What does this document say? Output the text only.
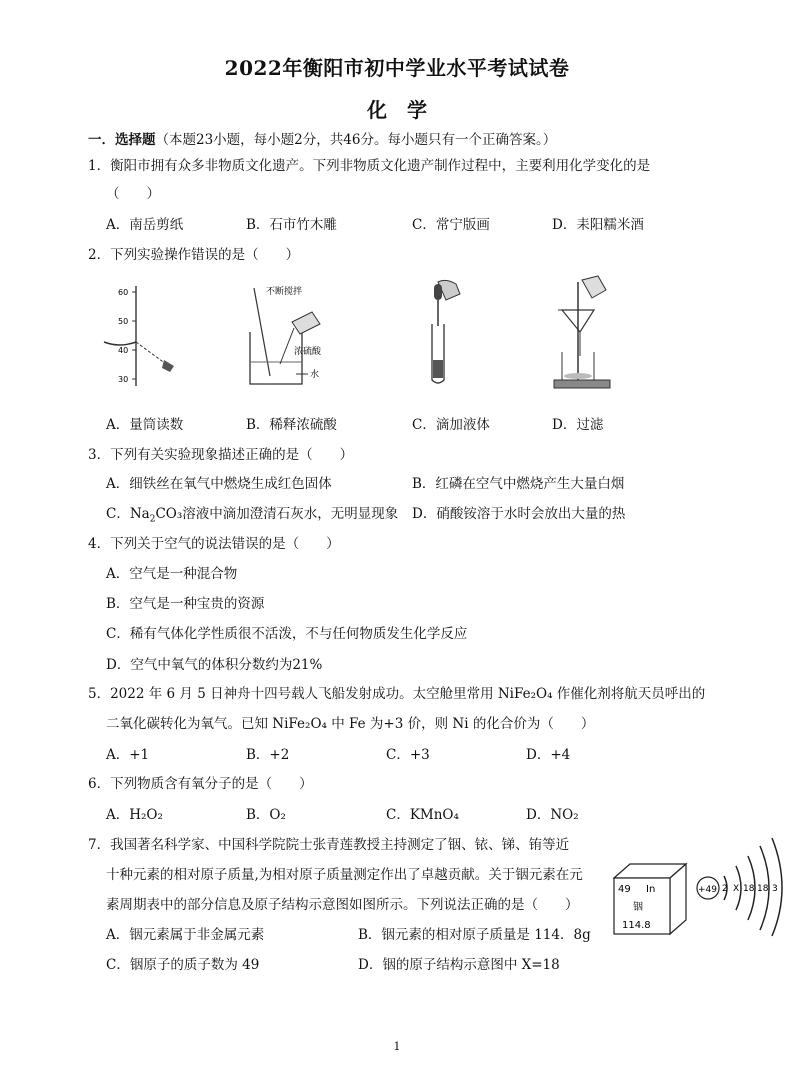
2022年衡阳市初中学业水平考试试卷
化　学
一．选择题（本题23小题，每小题2分，共46分。每小题只有一个正确答案。）
1．衡阳市拥有众多非物质文化遗产。下列非物质文化遗产制作过程中，主要利用化学变化的是
（　　）
A．南岳剪纸	B．石市竹木雕	C．常宁版画	D．耒阳糯米酒
2．下列实验操作错误的是（　　）
60
50
40
30
不断搅拌
浓硫酸
水
A．量筒读数	B．稀释浓硫酸	C．滴加液体	D．过滤
3．下列有关实验现象描述正确的是（　　）
A．细铁丝在氧气中燃烧生成红色固体	B．红磷在空气中燃烧产生大量白烟
C．$Na_2CO_3$溶液中滴加澄清石灰水，无明显现象 D．硝酸铵溶于水时会放出大量的热
4．下列关于空气的说法错误的是（　　）
A．空气是一种混合物
B．空气是一种宝贵的资源
C．稀有气体化学性质很不活泼，不与任何物质发生化学反应
D．空气中氧气的体积分数约为21%
5．2022 年 6 月 5 日神舟十四号载人飞船发射成功。太空舱里常用 NiFe₂O₄ 作催化剂将航天员呼出的
二氧化碳转化为氧气。已知 NiFe₂O₄ 中 Fe 为+3 价，则 Ni 的化合价为（　　）
A．+1	B．+2	C．+3	D．+4
6．下列物质含有氧分子的是（　　）
A．H₂O₂	B．O₂	C．KMnO₄	D．NO₂
7．我国著名科学家、中国科学院院士张青莲教授主持测定了铟、铱、锑、铕等近
十种元素的相对原子质量,为相对原子质量测定作出了卓越贡献。关于铟元素在元
素周期表中的部分信息及原子结构示意图如图所示。下列说法正确的是（　　）
A．铟元素属于非金属元素	B．铟元素的相对原子质量是 114．8g
C．铟原子的质子数为 49	D．铟的原子结构示意图中 X=18
49 In
铟
114.8
+49 2 X 18 18 3
1
